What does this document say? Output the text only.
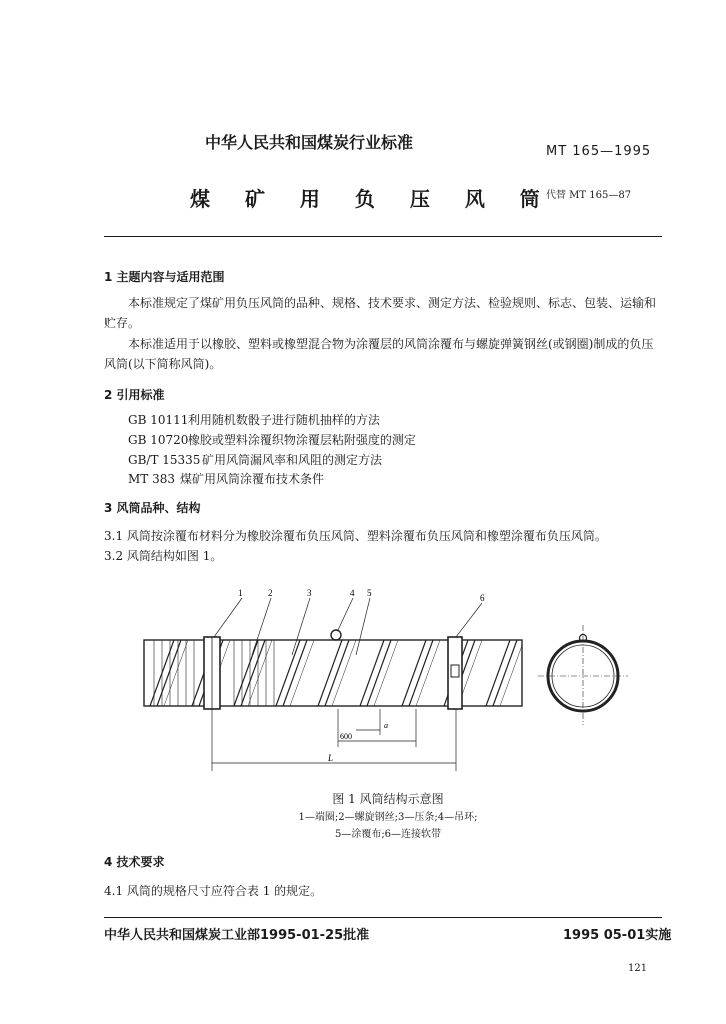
中华人民共和国煤炭行业标准	MT 165—1995
煤 矿 用 负 压 风 筒
代替 MT 165—87
1 主题内容与适用范围
本标准规定了煤矿用负压风筒的品种、规格、技术要求、测定方法、检验规则、标志、包装、运输和贮存。
本标准适用于以橡胶、塑料或橡塑混合物为涂覆层的风筒涂覆布与螺旋弹簧钢丝(或钢圈)制成的负压风筒(以下简称风筒)。
2 引用标准
GB 10111 利用随机数骰子进行随机抽样的方法
GB 10720 橡胶或塑料涂覆织物涂覆层粘附强度的测定
GB/T 15335 矿用风筒漏风率和风阻的测定方法
MT 383 煤矿用风筒涂覆布技术条件
3 风筒品种、结构
3.1 风筒按涂覆布材料分为橡胶涂覆布负压风筒、塑料涂覆布负压风筒和橡塑涂覆布负压风筒。
3.2 风筒结构如图 1。
1	2	3	4 5	6
a
600
L
图 1 风筒结构示意图
1—端圈;2—螺旋钢丝;3—压条;4—吊环;
5—涂覆布;6—连接软带
4 技术要求
4.1 风筒的规格尺寸应符合表 1 的规定。
中华人民共和国煤炭工业部1995-01-25批准	1995 05-01实施
121
